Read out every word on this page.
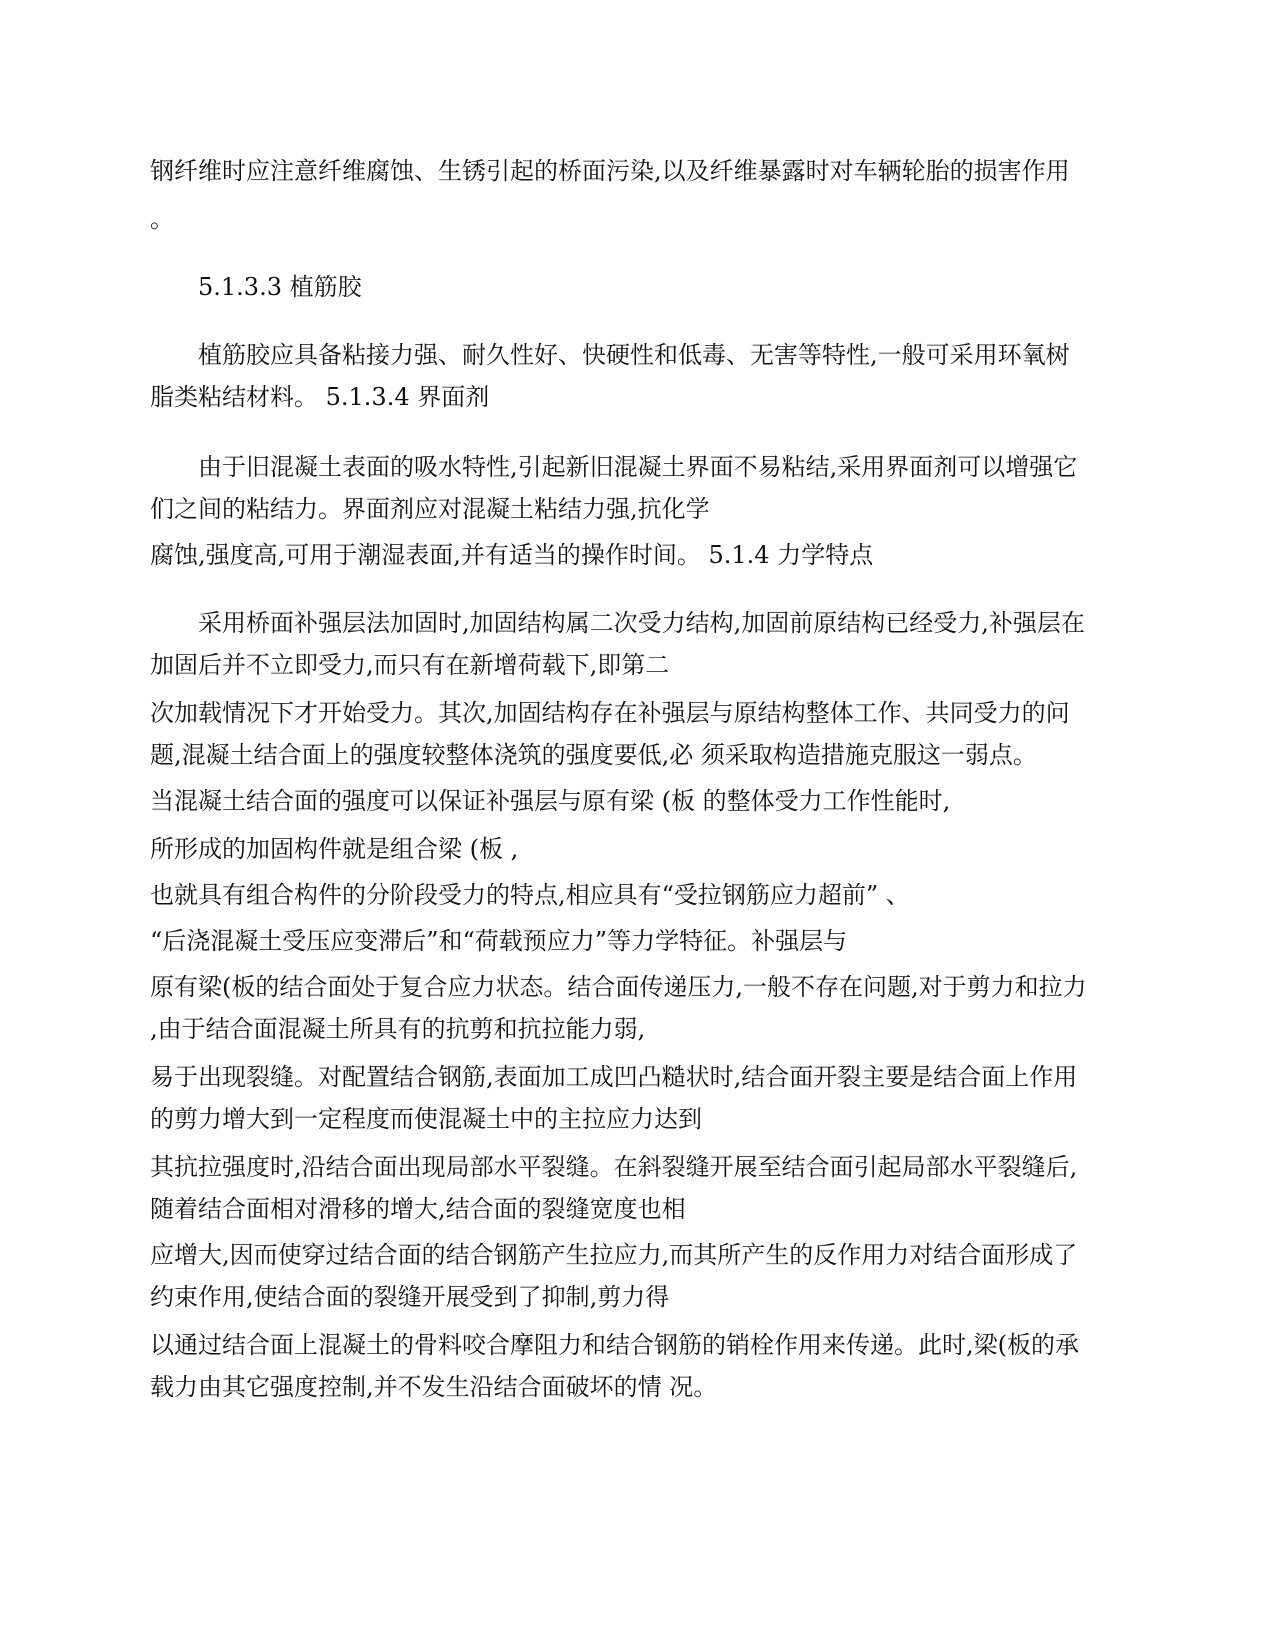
钢纤维时应注意纤维腐蚀、生锈引起的桥面污染,以及纤维暴露时对车辆轮胎的损害作用
。
5.1.3.3 植筋胶
植筋胶应具备粘接力强、耐久性好、快硬性和低毒、无害等特性,一般可采用环氧树
脂类粘结材料。 5.1.3.4 界面剂
由于旧混凝土表面的吸水特性,引起新旧混凝土界面不易粘结,采用界面剂可以增强它
们之间的粘结力。界面剂应对混凝土粘结力强,抗化学
腐蚀,强度高,可用于潮湿表面,并有适当的操作时间。 5.1.4 力学特点
采用桥面补强层法加固时,加固结构属二次受力结构,加固前原结构已经受力,补强层在
加固后并不立即受力,而只有在新增荷载下,即第二
次加载情况下才开始受力。其次,加固结构存在补强层与原结构整体工作、共同受力的问
题,混凝土结合面上的强度较整体浇筑的强度要低,必 须采取构造措施克服这一弱点。
当混凝土结合面的强度可以保证补强层与原有梁 (板 的整体受力工作性能时,
所形成的加固构件就是组合梁 (板 ,
也就具有组合构件的分阶段受力的特点,相应具有“受拉钢筋应力超前” 、
“后浇混凝土受压应变滞后”和“荷载预应力”等力学特征。补强层与
原有梁(板的结合面处于复合应力状态。结合面传递压力,一般不存在问题,对于剪力和拉力
,由于结合面混凝土所具有的抗剪和抗拉能力弱,
易于出现裂缝。对配置结合钢筋,表面加工成凹凸糙状时,结合面开裂主要是结合面上作用
的剪力增大到一定程度而使混凝土中的主拉应力达到
其抗拉强度时,沿结合面出现局部水平裂缝。在斜裂缝开展至结合面引起局部水平裂缝后,
随着结合面相对滑移的增大,结合面的裂缝宽度也相
应增大,因而使穿过结合面的结合钢筋产生拉应力,而其所产生的反作用力对结合面形成了
约束作用,使结合面的裂缝开展受到了抑制,剪力得
以通过结合面上混凝土的骨料咬合摩阻力和结合钢筋的销栓作用来传递。此时,梁(板的承
载力由其它强度控制,并不发生沿结合面破坏的情 况。
